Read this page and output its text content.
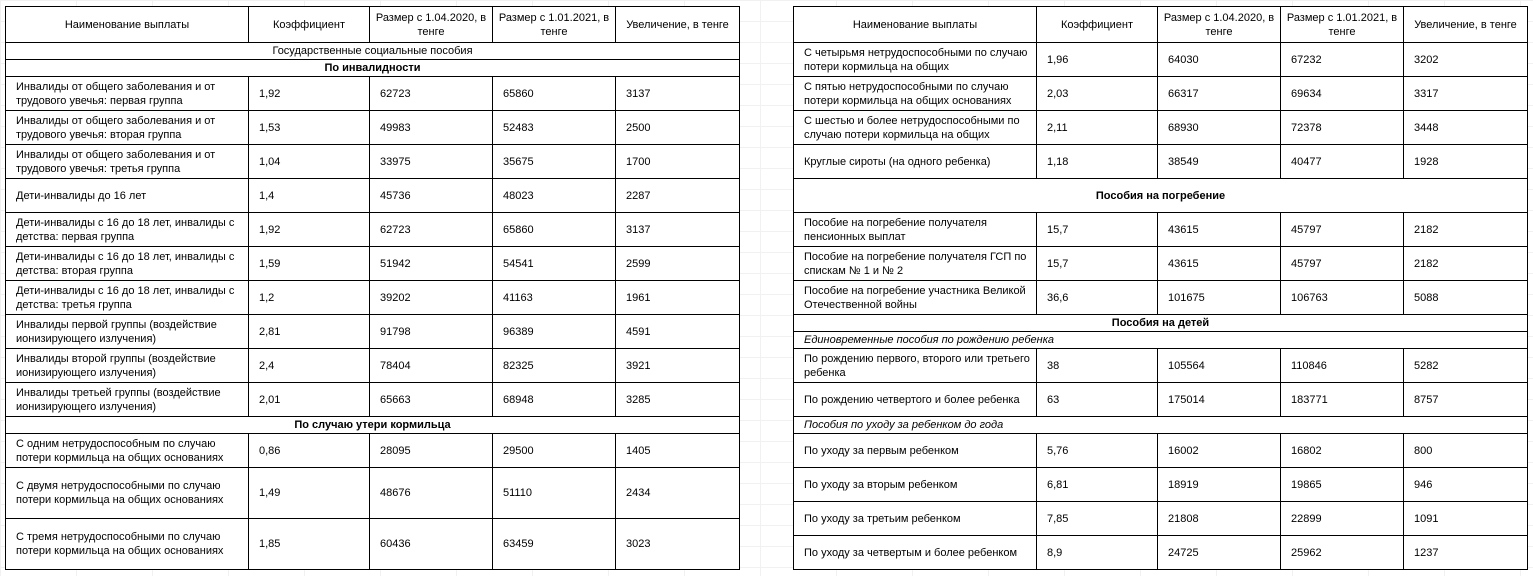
Наименование выплаты	Коэффициент	Размер с 1.04.2020, в тенге	Размер с 1.01.2021, в тенге	Увеличение, в тенге
Государственные социальные пособия				
По инвалидности				
Инвалиды от общего заболевания и от трудового увечья: первая группа	1,92	62723	65860	3137
Инвалиды от общего заболевания и от трудового увечья: вторая группа	1,53	49983	52483	2500
Инвалиды от общего заболевания и от трудового увечья: третья группа	1,04	33975	35675	1700
Дети-инвалиды до 16 лет	1,4	45736	48023	2287
Дети-инвалиды с 16 до 18 лет, инвалиды с детства: первая группа	1,92	62723	65860	3137
Дети-инвалиды с 16 до 18 лет, инвалиды с детства: вторая группа	1,59	51942	54541	2599
Дети-инвалиды с 16 до 18 лет, инвалиды с детства: третья группа	1,2	39202	41163	1961
Инвалиды первой группы (воздействие ионизирующего излучения)	2,81	91798	96389	4591
Инвалиды второй группы (воздействие ионизирующего излучения)	2,4	78404	82325	3921
Инвалиды третьей группы (воздействие ионизирующего излучения)	2,01	65663	68948	3285
По случаю утери кормильца				
С одним нетрудоспособным по случаю потери кормильца на общих основаниях	0,86	28095	29500	1405
С двумя нетрудоспособными по случаю потери кормильца на общих основаниях	1,49	48676	51110	2434
С тремя нетрудоспособными по случаю потери кормильца на общих основаниях	1,85	60436	63459	3023
Наименование выплаты	Коэффициент	Размер с 1.04.2020, в тенге	Размер с 1.01.2021, в тенге	Увеличение, в тенге
С четырьмя нетрудоспособными по случаю потери кормильца на общих	1,96	64030	67232	3202
С пятью нетрудоспособными по случаю потери кормильца на общих основаниях	2,03	66317	69634	3317
С шестью и более нетрудоспособными по случаю потери кормильца на общих	2,11	68930	72378	3448
Круглые сироты (на одного ребенка)	1,18	38549	40477	1928
Пособия на погребение				
Пособие на погребение получателя пенсионных выплат	15,7	43615	45797	2182
Пособие на погребение получателя ГСП по спискам № 1 и № 2	15,7	43615	45797	2182
Пособие на погребение участника Великой Отечественной войны	36,6	101675	106763	5088
Пособия на детей				
Единовременные пособия по рождению ребенка				
По рождению первого, второго или третьего ребенка	38	105564	110846	5282
По рождению четвертого и более ребенка	63	175014	183771	8757
Пособия по уходу за ребенком до года				
По уходу за первым ребенком	5,76	16002	16802	800
По уходу за вторым ребенком	6,81	18919	19865	946
По уходу за третьим ребенком	7,85	21808	22899	1091
По уходу за четвертым и более ребенком	8,9	24725	25962	1237
